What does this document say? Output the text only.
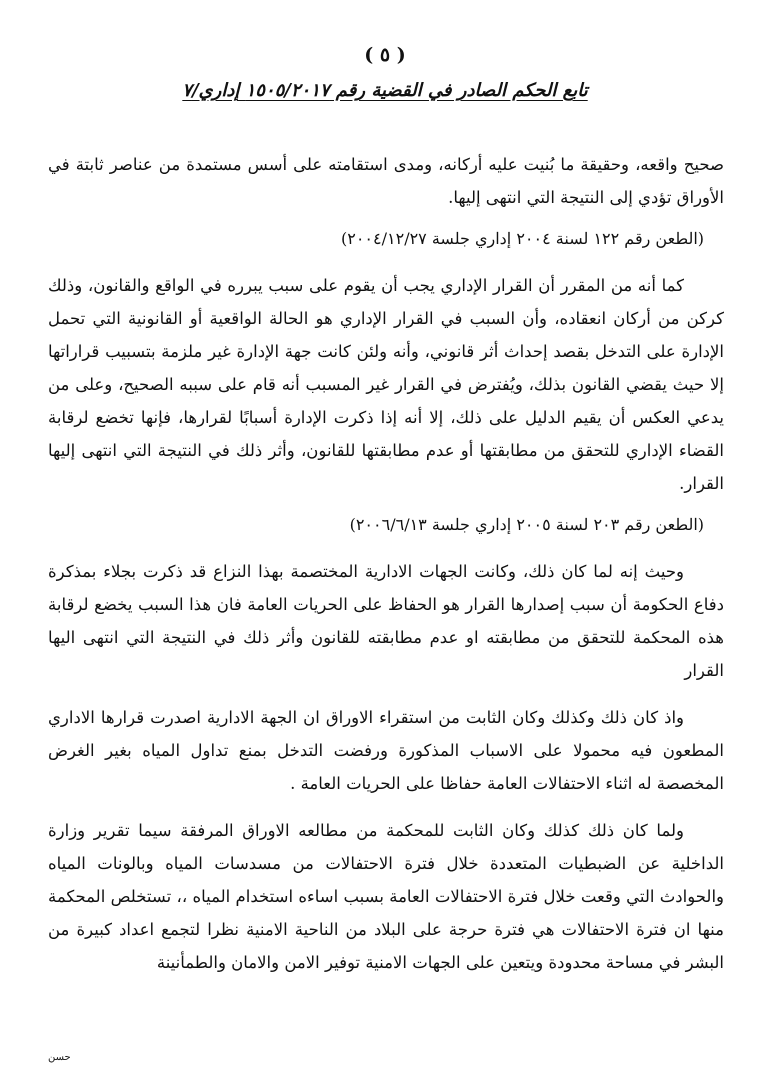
( ٥ )
تابع الحكم الصادر في القضية رقم ١٥٠٥/٢٠١٧ إداري/٧

صحيح واقعه، وحقيقة ما بُنيت عليه أركانه، ومدى استقامته على أسس مستمدة من عناصر ثابتة في الأوراق تؤدي إلى النتيجة التي انتهى إليها.

(الطعن رقم ١٢٢ لسنة ٢٠٠٤ إداري جلسة ٢٠٠٤/١٢/٢٧)

كما أنه من المقرر أن القرار الإداري يجب أن يقوم على سبب يبرره في الواقع والقانون، وذلك كركن من أركان انعقاده، وأن السبب في القرار الإداري هو الحالة الواقعية أو القانونية التي تحمل الإدارة على التدخل بقصد إحداث أثر قانوني، وأنه ولئن كانت جهة الإدارة غير ملزمة بتسبيب قراراتها إلا حيث يقضي القانون بذلك، ويُفترض في القرار غير المسبب أنه قام على سببه الصحيح، وعلى من يدعي العكس أن يقيم الدليل على ذلك، إلا أنه إذا ذكرت الإدارة أسبابًا لقرارها، فإنها تخضع لرقابة القضاء الإداري للتحقق من مطابقتها أو عدم مطابقتها للقانون، وأثر ذلك في النتيجة التي انتهى إليها القرار.

(الطعن رقم ٢٠٣ لسنة ٢٠٠٥ إداري جلسة ٢٠٠٦/٦/١٣)

وحيث إنه لما كان ذلك، وكانت الجهات الادارية المختصمة بهذا النزاع قد ذكرت بجلاء بمذكرة دفاع الحكومة أن سبب إصدارها القرار هو الحفاظ على الحريات العامة فان هذا السبب يخضع لرقابة هذه المحكمة للتحقق من مطابقته او عدم مطابقته للقانون وأثر ذلك في النتيجة التي انتهى اليها القرار

واذ كان ذلك وكذلك وكان الثابت من استقراء الاوراق ان الجهة الادارية اصدرت قرارها الاداري المطعون فيه محمولا على الاسباب المذكورة ورفضت التدخل بمنع تداول المياه بغير الغرض المخصصة له اثناء الاحتفالات العامة حفاظا على الحريات العامة .

ولما كان ذلك كذلك وكان الثابت للمحكمة من مطالعه الاوراق المرفقة سيما تقرير وزارة الداخلية عن الضبطيات المتعددة خلال فترة الاحتفالات من مسدسات المياه وبالونات المياه والحوادث التي وقعت خلال فترة الاحتفالات العامة بسبب اساءه استخدام المياه ،، تستخلص المحكمة منها ان فترة الاحتفالات هي فترة حرجة على البلاد من الناحية الامنية نظرا لتجمع اعداد كبيرة من البشر في مساحة محدودة ويتعين على الجهات الامنية توفير الامن والامان والطمأنينة

حسن
